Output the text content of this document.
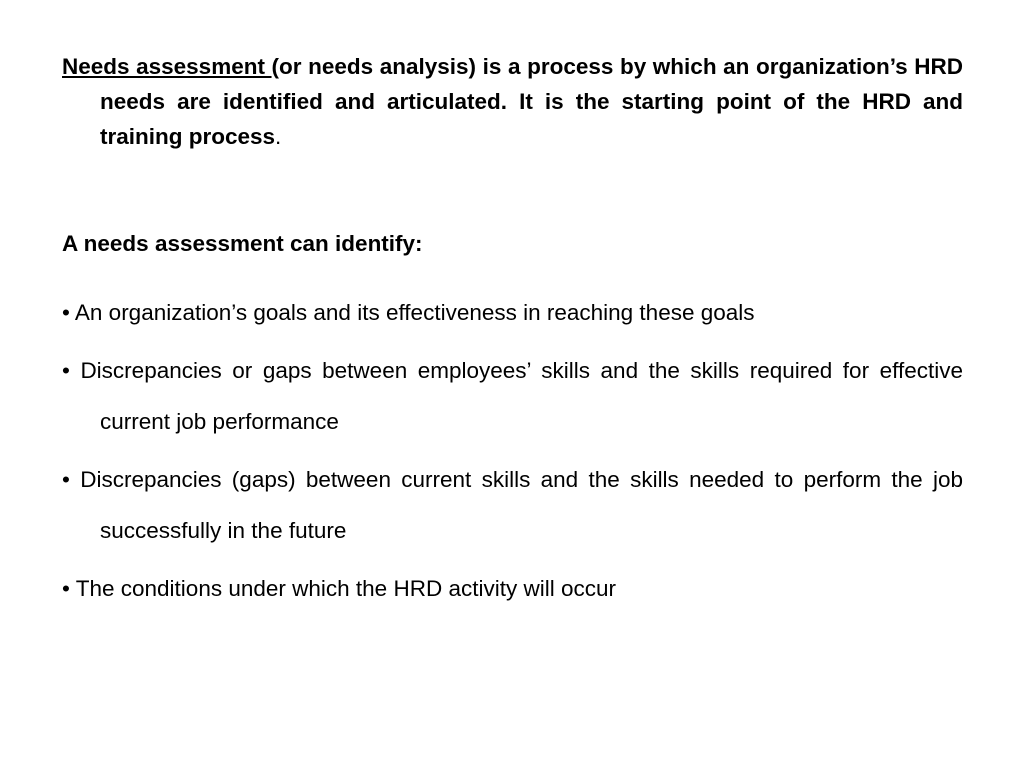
Needs assessment (or needs analysis) is a process by which an organization’s HRD needs are identified and articulated. It is the starting point of the HRD and training process.

A needs assessment can identify:

• An organization’s goals and its effectiveness in reaching these goals
• Discrepancies or gaps between employees’ skills and the skills required for effective current job performance
• Discrepancies (gaps) between current skills and the skills needed to perform the job successfully in the future
• The conditions under which the HRD activity will occur
